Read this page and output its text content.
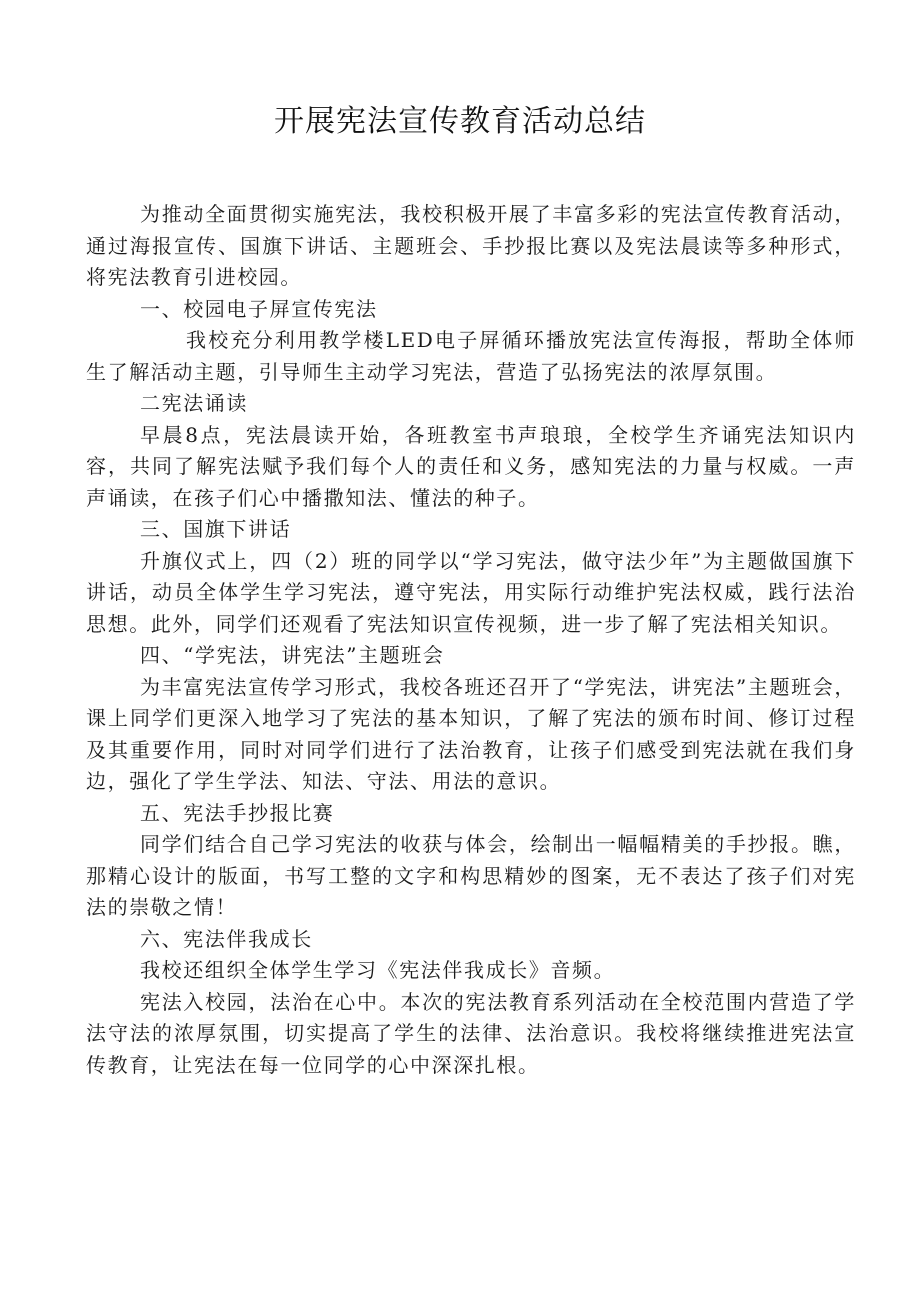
开展宪法宣传教育活动总结

为推动全面贯彻实施宪法，我校积极开展了丰富多彩的宪法宣传教育活动，通过海报宣传、国旗下讲话、主题班会、手抄报比赛以及宪法晨读等多种形式，将宪法教育引进校园。

一、校园电子屏宣传宪法

我校充分利用教学楼LED电子屏循环播放宪法宣传海报，帮助全体师生了解活动主题，引导师生主动学习宪法，营造了弘扬宪法的浓厚氛围。

二宪法诵读

早晨8点，宪法晨读开始，各班教室书声琅琅，全校学生齐诵宪法知识内容，共同了解宪法赋予我们每个人的责任和义务，感知宪法的力量与权威。一声声诵读，在孩子们心中播撒知法、懂法的种子。

三、国旗下讲话

升旗仪式上，四（2）班的同学以“学习宪法，做守法少年”为主题做国旗下讲话，动员全体学生学习宪法，遵守宪法，用实际行动维护宪法权威，践行法治思想。此外，同学们还观看了宪法知识宣传视频，进一步了解了宪法相关知识。

四、“学宪法，讲宪法”主题班会

为丰富宪法宣传学习形式，我校各班还召开了“学宪法，讲宪法”主题班会，课上同学们更深入地学习了宪法的基本知识，了解了宪法的颁布时间、修订过程及其重要作用，同时对同学们进行了法治教育，让孩子们感受到宪法就在我们身边，强化了学生学法、知法、守法、用法的意识。

五、宪法手抄报比赛

同学们结合自己学习宪法的收获与体会，绘制出一幅幅精美的手抄报。瞧，那精心设计的版面，书写工整的文字和构思精妙的图案，无不表达了孩子们对宪法的崇敬之情！

六、宪法伴我成长

我校还组织全体学生学习《宪法伴我成长》音频。

宪法入校园，法治在心中。本次的宪法教育系列活动在全校范围内营造了学法守法的浓厚氛围，切实提高了学生的法律、法治意识。我校将继续推进宪法宣传教育，让宪法在每一位同学的心中深深扎根。
